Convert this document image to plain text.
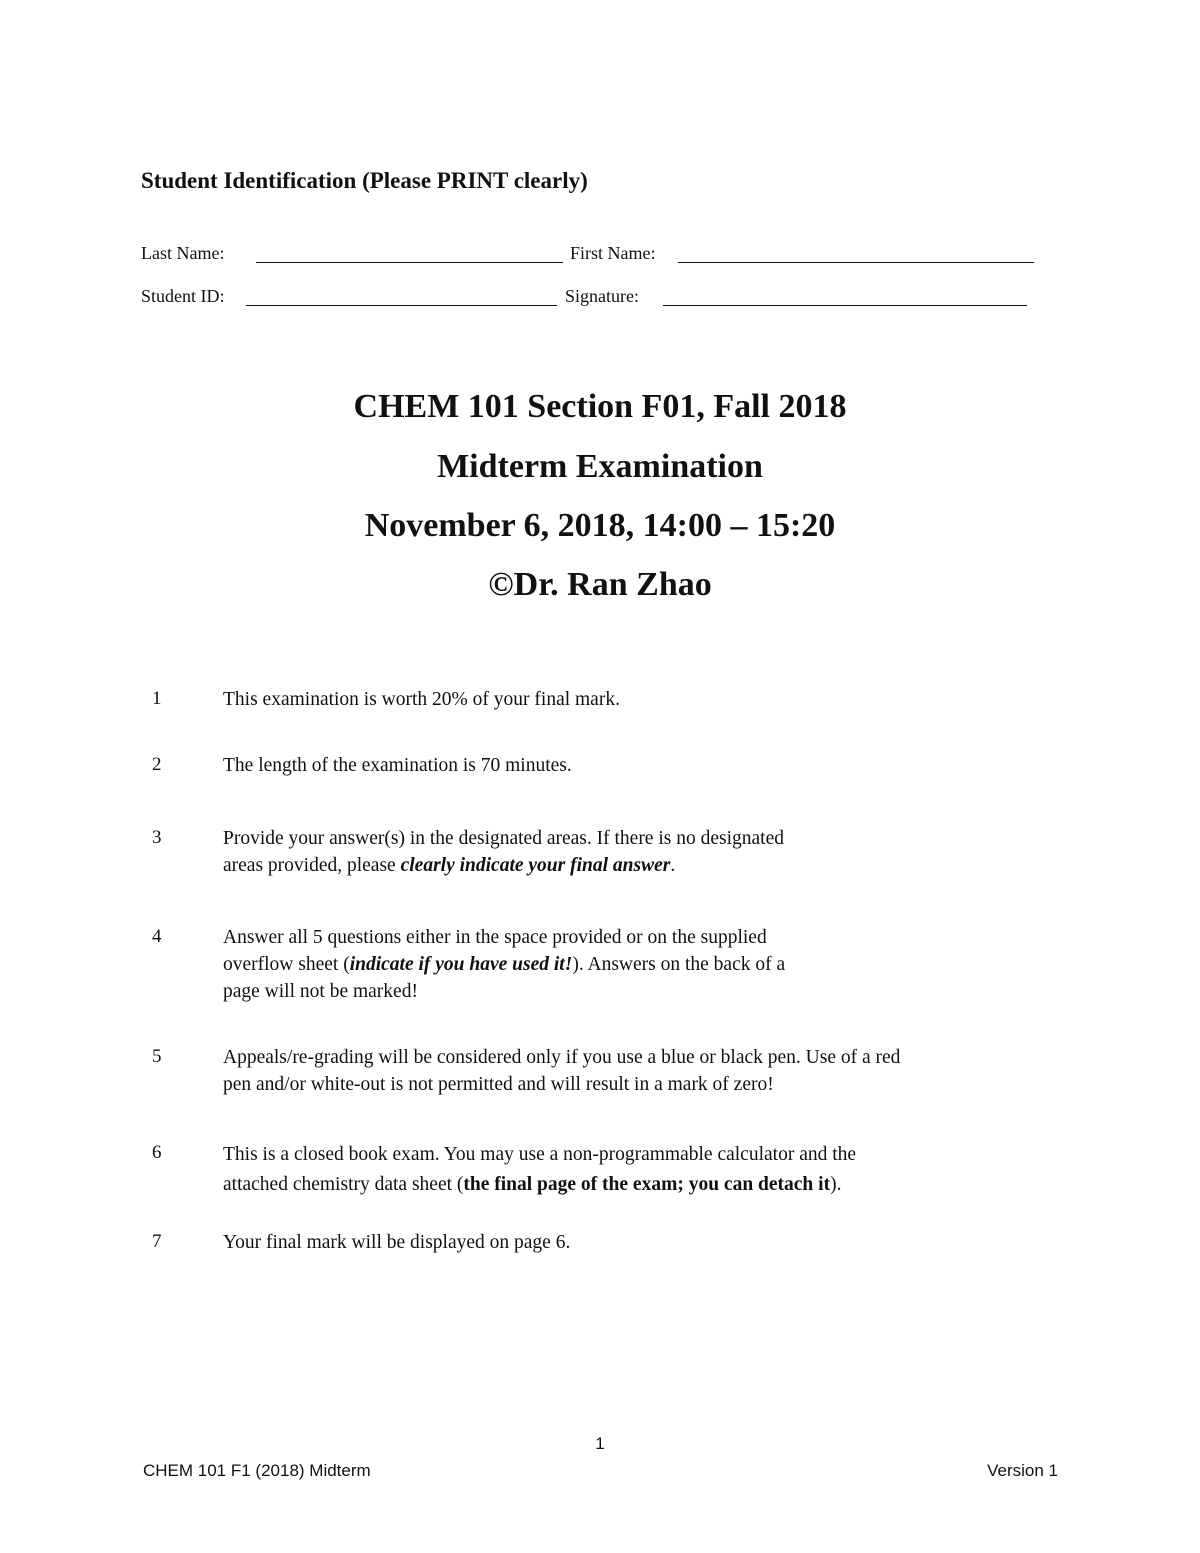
Student Identification (Please PRINT clearly)
Last Name:	First Name:
Student ID:	Signature:
CHEM 101 Section F01, Fall 2018
Midterm Examination
November 6, 2018, 14:00 – 15:20
©Dr. Ran Zhao
1	This examination is worth 20% of your final mark.
2	The length of the examination is 70 minutes.
3	Provide your answer(s) in the designated areas. If there is no designated
areas provided, please clearly indicate your final answer.
4	Answer all 5 questions either in the space provided or on the supplied
overflow sheet (indicate if you have used it!). Answers on the back of a
page will not be marked!
5	Appeals/re-grading will be considered only if you use a blue or black pen. Use of a red
pen and/or white-out is not permitted and will result in a mark of zero!
6	This is a closed book exam. You may use a non-programmable calculator and the
attached chemistry data sheet (the final page of the exam; you can detach it).
7	Your final mark will be displayed on page 6.
1
CHEM 101 F1 (2018) Midterm	Version 1
